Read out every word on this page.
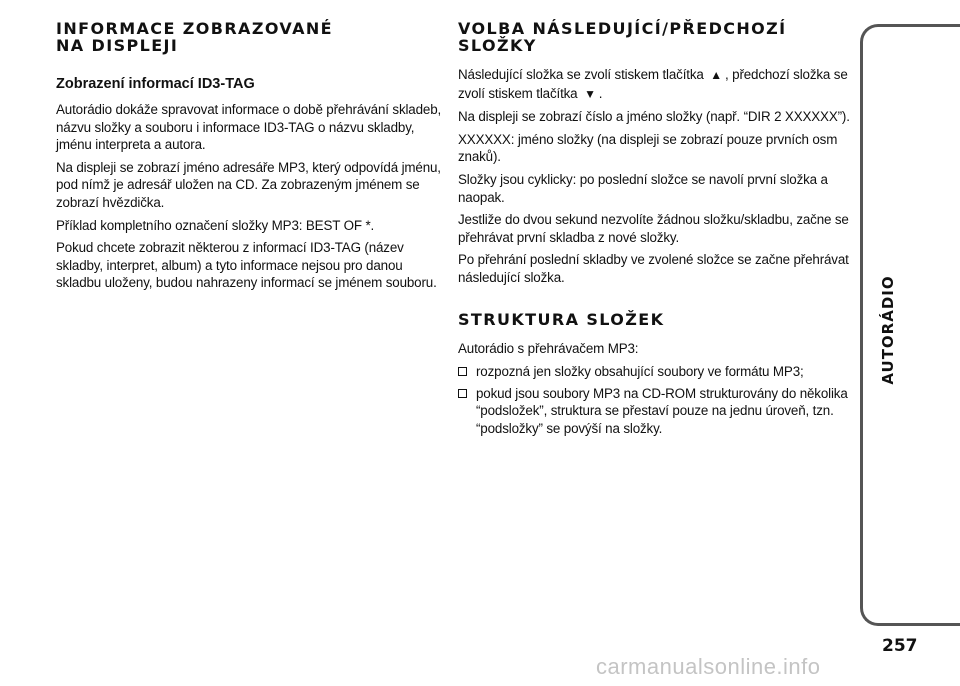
INFORMACE ZOBRAZOVANÉ
NA DISPLEJI
Zobrazení informací ID3-TAG

Autorádio dokáže spravovat informace o době přehrávání skladeb, názvu složky a souboru i informace ID3-TAG o názvu skladby, jménu interpreta a autora.

Na displeji se zobrazí jméno adresáře MP3, který odpovídá jménu, pod nímž je adresář uložen na CD. Za zobrazeným jménem se zobrazí hvězdička.

Příklad kompletního označení složky MP3: BEST OF *.

Pokud chcete zobrazit některou z informací ID3-TAG (název skladby, interpret, album) a tyto informace nejsou pro danou skladbu uloženy, budou nahrazeny informací se jménem souboru.

VOLBA NÁSLEDUJÍCÍ/PŘEDCHOZÍ
SLOŽKY

Následující složka se zvolí stiskem tlačítka ▲ , předchozí složka se zvolí stiskem tlačítka ▼ .

Na displeji se zobrazí číslo a jméno složky (např. “DIR 2 XXXXXX”).

XXXXXX: jméno složky (na displeji se zobrazí pouze prvních osm znaků).

Složky jsou cyklicky: po poslední složce se navolí první složka a naopak.

Jestliže do dvou sekund nezvolíte žádnou složku/skladbu, začne se přehrávat první skladba z nové složky.

Po přehrání poslední skladby ve zvolené složce se začne přehrávat následující složka.

STRUKTURA SLOŽEK

Autorádio s přehrávačem MP3:

rozpozná jen složky obsahující soubory ve formátu MP3;
pokud jsou soubory MP3 na CD-ROM strukturovány do několika “podsložek”, struktura se přestaví pouze na jednu úroveň, tzn. “podsložky” se povýší na složky.
AUTORÁDIO
257
carmanualsonline.info
